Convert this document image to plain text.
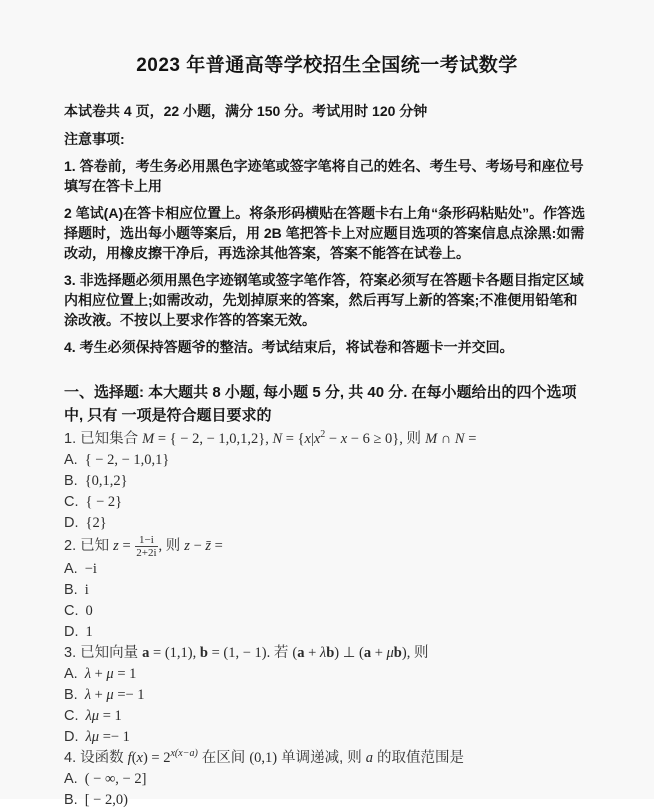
2023 年普通高等学校招生全国统一考试数学

本试卷共 4 页，22 小题，满分 150 分。考试用时 120 分钟

注意事项:

1. 答卷前，考生务必用黑色字迹笔或签字笔将自己的姓名、考生号、考场号和座位号填写在答卡上用

2 笔试(A)在答卡相应位置上。将条形码横贴在答题卡右上角“条形码粘贴处”。作答选择题时，选出每小题等案后，用 2B 笔把答卡上对应题目选项的答案信息点涂黑:如需改动，用橡皮擦干净后，再选涂其他答案，答案不能答在试卷上。

3. 非选择题必须用黑色字迹钢笔或签字笔作答，符案必须写在答题卡各题目指定区域内相应位置上;如需改动，先划掉原来的答案，然后再写上新的答案;不准便用铅笔和涂改液。不按以上要求作答的答案无效。

4. 考生必须保持答题爷的整洁。考试结束后，将试卷和答题卡一并交回。

一、选择题: 本大题共 8 小题, 每小题 5 分, 共 40 分. 在每小题给出的四个选项中, 只有 一项是符合题目要求的

1. 已知集合 M = { − 2, − 1,0,1,2}, $N = \{x|x^2 - x - 6 \ge 0\}$, 则 M ∩ N =
A. { − 2, − 1,0,1}
B. {0,1,2}
C. { − 2}
D. {2}
2. 已知 $z = \frac{1-i}{2+2i}$ , 则 z − z̄ =
A. −i
B. i
C. 0
D. 1
3. 已知向量 a = (1,1), b = (1, − 1). 若 (a + λb) ⊥ (a + μb), 则
A. λ + μ = 1
B. λ + μ =− 1
C. λμ = 1
D. λμ =− 1
4. 设函数 $f(x) = 2^{x(x-a)}$ 在区间 (0,1) 单调递减, 则 a 的取值范围是
A. ( − ∞, − 2]
B. [ − 2,0)
